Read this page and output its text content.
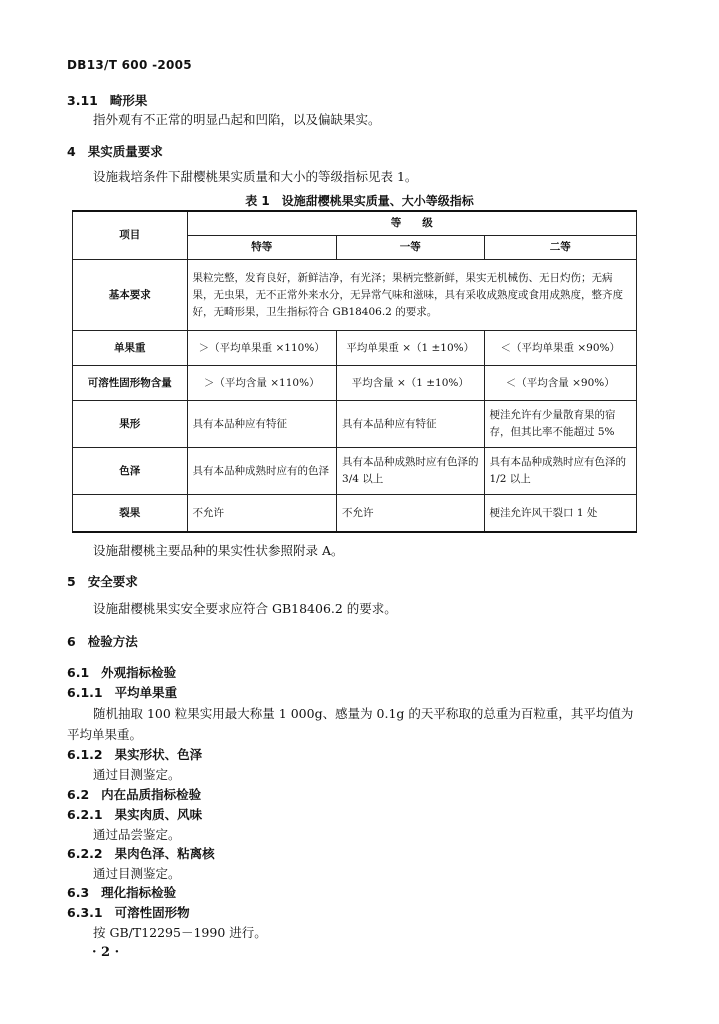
DB13/T 600 -2005
3.11 畸形果
指外观有不正常的明显凸起和凹陷，以及偏缺果实。
4 果实质量要求
设施栽培条件下甜樱桃果实质量和大小的等级指标见表 1。
表 1　设施甜樱桃果实质量、大小等级指标
项目	等　　级		
	特等	一等	二等
基本要求	果粒完整，发育良好，新鲜洁净，有光泽；果柄完整新鲜，果实无机械伤、无日灼伤；无病果，无虫果，无不正常外来水分，无异常气味和滋味，具有采收成熟度或食用成熟度，整齐度好，无畸形果，卫生指标符合 GB18406.2 的要求。		
单果重	＞（平均单果重 ×110%）	平均单果重 ×（1 ±10%）	＜（平均单果重 ×90%）
可溶性固形物含量	＞（平均含量 ×110%）	平均含量 ×（1 ±10%）	＜（平均含量 ×90%）
果形	具有本品种应有特征	具有本品种应有特征	梗洼允许有少量散育果的宿存，但其比率不能超过 5%
色泽	具有本品种成熟时应有的色泽	具有本品种成熟时应有色泽的 3/4 以上	具有本品种成熟时应有色泽的 1/2 以上
裂果	不允许	不允许	梗洼允许风干裂口 1 处
设施甜樱桃主要品种的果实性状参照附录 A。
5 安全要求
设施甜樱桃果实安全要求应符合 GB18406.2 的要求。
6 检验方法
6.1 外观指标检验
6.1.1 平均单果重
随机抽取 100 粒果实用最大称量 1 000g、感量为 0.1g 的天平称取的总重为百粒重，其平均值为
平均单果重。
6.1.2 果实形状、色泽
通过目测鉴定。
6.2 内在品质指标检验
6.2.1 果实肉质、风味
通过品尝鉴定。
6.2.2 果肉色泽、粘离核
通过目测鉴定。
6.3 理化指标检验
6.3.1 可溶性固形物
按 GB/T12295－1990 进行。
· 2 ·
